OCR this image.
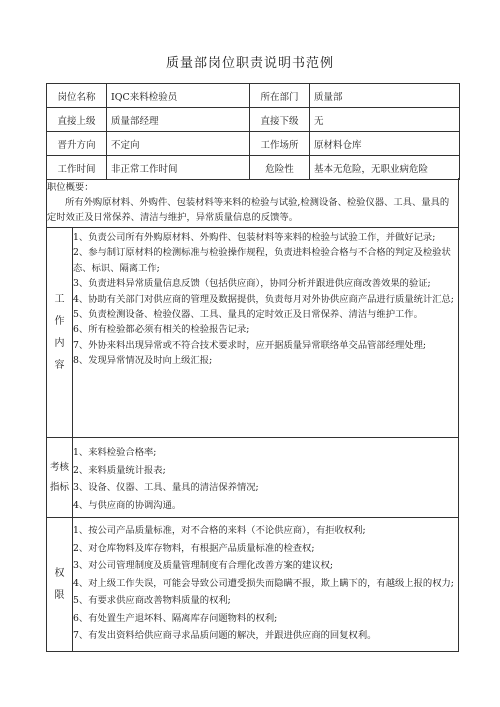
质量部岗位职责说明书范例
岗位名称	IQC来料检验员	所在部门	质量部
直接上级	质量部经理	直接下级	无
晋升方向	不定向	工作场所	原材料仓库
工作时间	非正常工作时间	危险性	基本无危险，无职业病危险
职位概要：
所有外购原材料、外购件、包装材料等来料的检验与试验,检测设备、检验仪器、工具、量具的定时效正及日常保养、清洁与维护，异常质量信息的反馈等。
工
作
内
容
1、负责公司所有外购原材料、外购件、包装材料等来料的检验与试验工作，并做好记录;
2、参与制订原材料的检测标准与检验操作规程，负责进料检验合格与不合格的判定及检验状态、标识、隔离工作;
3、负责进料异常质量信息反馈（包括供应商），协同分析并跟进供应商改善效果的验证;
4、协助有关部门对供应商的管理及数据提供，负责每月对外协供应商产品进行质量统计汇总;
5、负责检测设备、检验仪器、工具、量具的定时效正及日常保养、清洁与维护工作。
6、所有检验都必须有相关的检验报告记录;
7、外协来料出现异常或不符合技术要求时，应开据质量异常联络单交品管部经理处理;
8、发现异常情况及时向上级汇报;
考核
指标
1、来料检验合格率;
2、来料质量统计报表;
3、设备、仪器、工具、量具的清洁保养情况;
4、与供应商的协调沟通。
权
限
1、按公司产品质量标准，对不合格的来料（不论供应商），有拒收权利;
2、对仓库物料及库存物料，有根据产品质量标准的检查权;
3、对公司管理制度及质量管理制度有合理化改善方案的建议权;
4、对上级工作失误，可能会导致公司遭受损失而隐瞒不报，欺上瞒下的，有越级上报的权力;
5、有要求供应商改善物料质量的权利;
6、有处置生产退坏料、隔离库存问题物料的权利;
7、有发出资料给供应商寻求品质问题的解决，并跟进供应商的回复权利。
